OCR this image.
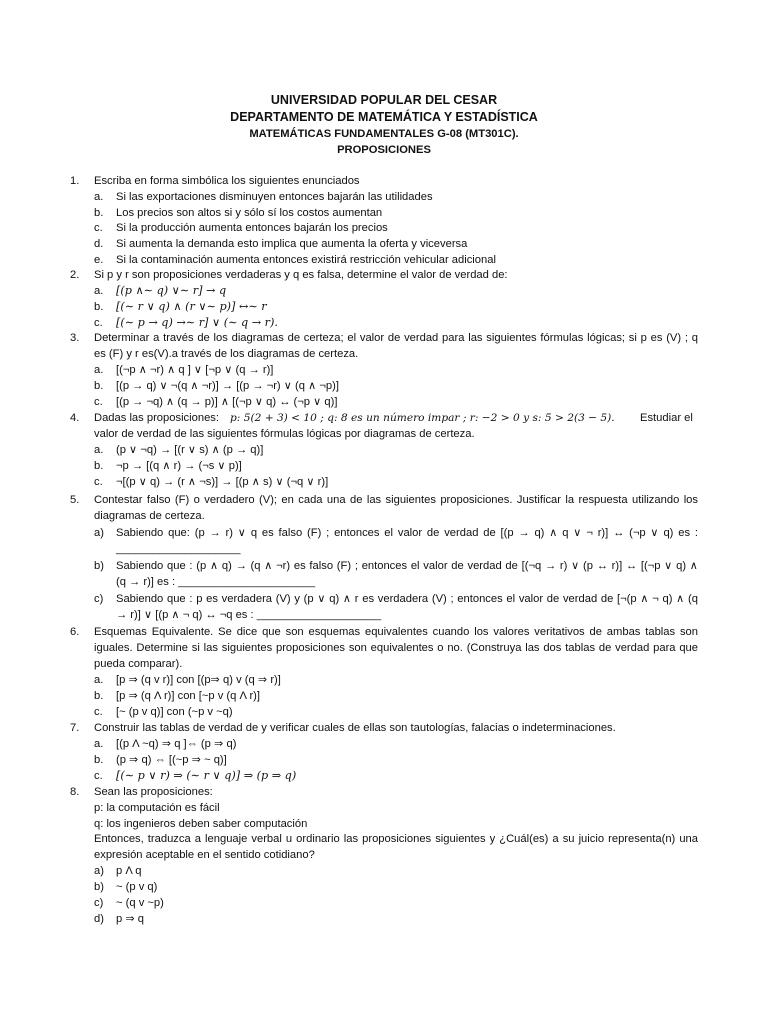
UNIVERSIDAD POPULAR DEL CESAR
DEPARTAMENTO DE MATEMÁTICA Y ESTADÍSTICA
MATEMÁTICAS FUNDAMENTALES G-08 (MT301C).
PROPOSICIONES
1. Escriba en forma simbólica los siguientes enunciados
a. Si las exportaciones disminuyen entonces bajarán las utilidades
b. Los precios son altos si y sólo sí los costos aumentan
c. Si la producción aumenta entonces bajarán los precios
d. Si aumenta la demanda esto implica que aumenta la oferta y viceversa
e. Si la contaminación aumenta entonces existirá restricción vehicular adicional
2. Si p y r son proposiciones verdaderas y q es falsa, determine el valor de verdad de:
a. [(𝑝 ∧∼ 𝑞) ∨∼ 𝑟] → 𝑞
b. [(∼ 𝑟 ∨ 𝑞) ∧ (𝑟 ∨∼ 𝑝)] ↔∼ 𝑟
c. [(∼ 𝑝 → 𝑞) →∼ 𝑟] ∨ (∼ 𝑞 → 𝑟).
3. Determinar a través de los diagramas de certeza; el valor de verdad para las siguientes fórmulas lógicas; si p es (V) ; q
es (F) y r es(V).a través de los diagramas de certeza.
a. [(¬p ∧ ¬r) ∧ q ] ∨ [¬p ∨ (q → r)]
b. [(p → q) ∨ ¬(q ∧ ¬r)] → [(p → ¬r) ∨ (q ∧ ¬p)]
c. [(p → ¬q) ∧ (q → p)] ∧ [(¬p ∨ q) ↔ (¬p ∨ q)]
4. Dadas las proposiciones: 𝑝: 5(2 + 3) < 10 ; 𝑞: 8 𝑒𝑠 𝑢𝑛 𝑛ú𝑚𝑒𝑟𝑜 𝑖𝑚𝑝𝑎𝑟 ; 𝑟: −2 > 0 𝑦 𝑠: 5 > 2(3 − 5). Estudiar el
valor de verdad de las siguientes fórmulas lógicas por diagramas de certeza.
a. (p ∨ ¬q) → [(r ∨ s) ∧ (p → q)]
b. ¬p → [(q ∧ r) → (¬s ∨ p)]
c. ¬[(p ∨ q) → (r ∧ ¬s)] → [(p ∧ s) ∨ (¬q ∨ r)]
5. Contestar falso (F) o verdadero (V); en cada una de las siguientes proposiciones. Justificar la respuesta utilizando los
diagramas de certeza.
a) Sabiendo que: (p → r) ∨ q es falso (F) ; entonces el valor de verdad de [(p → q) ∧ q ∨ ¬ r)] ↔ (¬p ∨ q) es :
____________________
b) Sabiendo que : (p ∧ q) → (q ∧ ¬r) es falso (F) ; entonces el valor de verdad de [(¬q → r) ∨ (p ↔ r)] ↔ [(¬p ∨ q) ∧
(q → r)] es : ______________________
c) Sabiendo que : p es verdadera (V) y (p ∨ q) ∧ r es verdadera (V) ; entonces el valor de verdad de [¬(p ∧ ¬ q) ∧ (q
→ r)] ∨ [(p ∧ ¬ q) ↔ ¬q es : ____________________
6. Esquemas Equivalente. Se dice que son esquemas equivalentes cuando los valores veritativos de ambas tablas son
iguales. Determine si las siguientes proposiciones son equivalentes o no. (Construya las dos tablas de verdad para que
pueda comparar).
a. [p ⇒ (q v r)] con [(p⇒ q) v (q ⇒ r)]
b. [p ⇒ (q Λ r)] con [~p v (q Λ r)]
c. [~ (p v q)] con (~p v ~q)
7. Construir las tablas de verdad de y verificar cuales de ellas son tautologías, falacias o indeterminaciones.
a. [(p Λ ~q) ⇒ q ]⇔ (p ⇒ q)
b. (p ⇒ q) ⇔ [(~p ⇒ ~ q)]
c. [(∼ 𝑝 ∨ 𝑟) ⇒ (∼ 𝑟 ∨ q)] ⇒ (𝑝 ⇒ 𝑞)
8. Sean las proposiciones:
p: la computación es fácil
q: los ingenieros deben saber computación
Entonces, traduzca a lenguaje verbal u ordinario las proposiciones siguientes y ¿Cuál(es) a su juicio representa(n) una
expresión aceptable en el sentido cotidiano?
a) p Λ q
b) ~ (p v q)
c) ~ (q v ~p)
d) p ⇒ q
